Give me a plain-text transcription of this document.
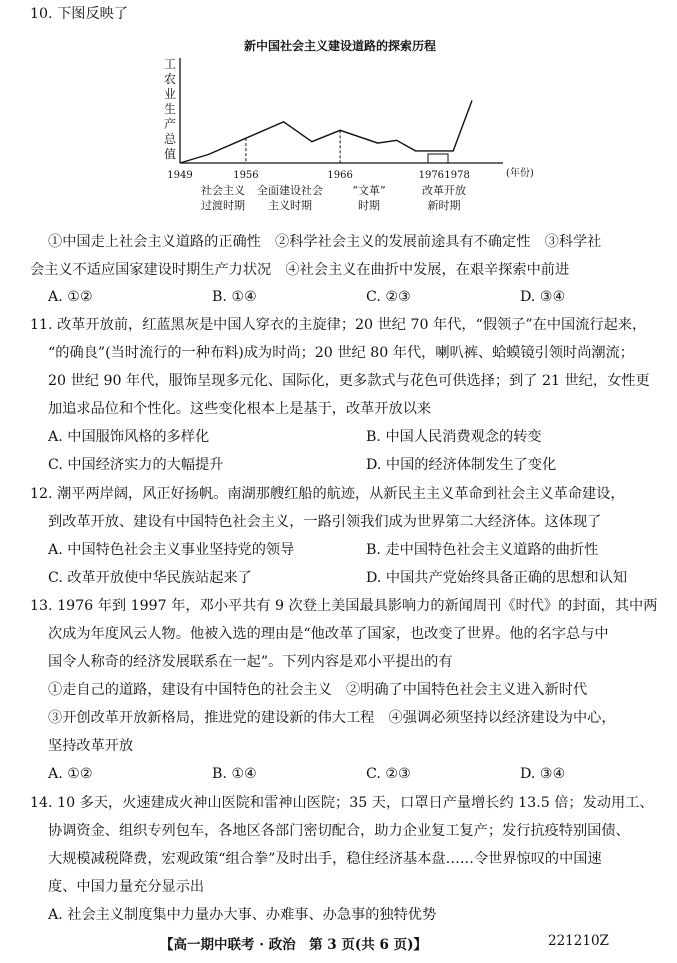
10. 下图反映了
新中国社会主义建设道路的探索历程
工
农
业
生
产
总
值
(年份)
1949	1956	1966	1976 1978
社会主义
过渡时期
全面建设社会
主义时期
“文革”
时期
改革开放
新时期
①中国走上社会主义道路的正确性　②科学社会主义的发展前途具有不确定性　③科学社
会主义不适应国家建设时期生产力状况　④社会主义在曲折中发展，在艰辛探索中前进
A. ①②	B. ①④	C. ②③	D. ③④
11. 改革开放前，红蓝黑灰是中国人穿衣的主旋律；20 世纪 70 年代，“假领子”在中国流行起来，
“的确良”(当时流行的一种布料)成为时尚；20 世纪 80 年代，喇叭裤、蛤蟆镜引领时尚潮流；
20 世纪 90 年代，服饰呈现多元化、国际化，更多款式与花色可供选择；到了 21 世纪，女性更
加追求品位和个性化。这些变化根本上是基于，改革开放以来
A. 中国服饰风格的多样化	B. 中国人民消费观念的转变
C. 中国经济实力的大幅提升	D. 中国的经济体制发生了变化
12. 潮平两岸阔，风正好扬帆。南湖那艘红船的航迹，从新民主主义革命到社会主义革命建设，
到改革开放、建设有中国特色社会主义，一路引领我们成为世界第二大经济体。这体现了
A. 中国特色社会主义事业坚持党的领导	B. 走中国特色社会主义道路的曲折性
C. 改革开放使中华民族站起来了	D. 中国共产党始终具备正确的思想和认知
13. 1976 年到 1997 年，邓小平共有 9 次登上美国最具影响力的新闻周刊《时代》的封面，其中两
次成为年度风云人物。他被入选的理由是“他改革了国家，也改变了世界。他的名字总与中
国令人称奇的经济发展联系在一起”。下列内容是邓小平提出的有
①走自己的道路，建设有中国特色的社会主义　②明确了中国特色社会主义进入新时代
③开创改革开放新格局，推进党的建设新的伟大工程　④强调必须坚持以经济建设为中心，
坚持改革开放
A. ①②	B. ①④	C. ②③	D. ③④
14. 10 多天，火速建成火神山医院和雷神山医院；35 天，口罩日产量增长约 13.5 倍；发动用工、
协调资金、组织专列包车，各地区各部门密切配合，助力企业复工复产；发行抗疫特别国债、
大规模减税降费，宏观政策“组合拳”及时出手，稳住经济基本盘……令世界惊叹的中国速
度、中国力量充分显示出
A. 社会主义制度集中力量办大事、办难事、办急事的独特优势
【高一期中联考 · 政治　第 3 页(共 6 页)】	221210Z
